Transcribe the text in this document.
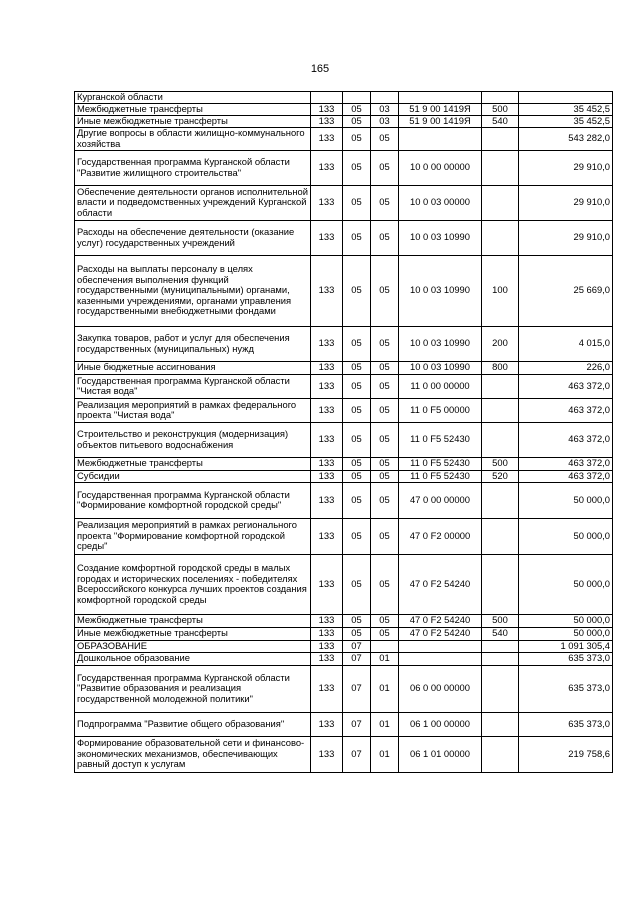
165
Курганской области						
Межбюджетные трансферты	133	05	03	51 9 00 1419Я	500	35 452,5
Иные межбюджетные трансферты	133	05	03	51 9 00 1419Я	540	35 452,5
Другие вопросы в области жилищно-коммунального хозяйства	133	05	05			543 282,0
Государственная программа Курганской области "Развитие жилищного строительства"	133	05	05	10 0 00 00000		29 910,0
Обеспечение деятельности органов исполнительной власти и подведомственных учреждений Курганской области	133	05	05	10 0 03 00000		29 910,0
Расходы на обеспечение деятельности (оказание услуг) государственных учреждений	133	05	05	10 0 03 10990		29 910,0
Расходы на выплаты персоналу в целях обеспечения выполнения функций государственными (муниципальными) органами, казенными учреждениями, органами управления государственными внебюджетными фондами	133	05	05	10 0 03 10990	100	25 669,0
Закупка товаров, работ и услуг для обеспечения государственных (муниципальных) нужд	133	05	05	10 0 03 10990	200	4 015,0
Иные бюджетные ассигнования	133	05	05	10 0 03 10990	800	226,0
Государственная программа Курганской области "Чистая вода"	133	05	05	11 0 00 00000		463 372,0
Реализация мероприятий в рамках федерального проекта "Чистая вода"	133	05	05	11 0 F5 00000		463 372,0
Строительство и реконструкция (модернизация) объектов питьевого водоснабжения	133	05	05	11 0 F5 52430		463 372,0
Межбюджетные трансферты	133	05	05	11 0 F5 52430	500	463 372,0
Субсидии	133	05	05	11 0 F5 52430	520	463 372,0
Государственная программа Курганской области "Формирование комфортной городской среды"	133	05	05	47 0 00 00000		50 000,0
Реализация мероприятий в рамках регионального проекта "Формирование комфортной городской среды"	133	05	05	47 0 F2 00000		50 000,0
Создание комфортной городской среды в малых городах и исторических поселениях - победителях Всероссийского конкурса лучших проектов создания комфортной городской среды	133	05	05	47 0 F2 54240		50 000,0
Межбюджетные трансферты	133	05	05	47 0 F2 54240	500	50 000,0
Иные межбюджетные трансферты	133	05	05	47 0 F2 54240	540	50 000,0
ОБРАЗОВАНИЕ	133	07				1 091 305,4
Дошкольное образование	133	07	01			635 373,0
Государственная программа Курганской области "Развитие образования и реализация государственной молодежной политики"	133	07	01	06 0 00 00000		635 373,0
Подпрограмма "Развитие общего образования"	133	07	01	06 1 00 00000		635 373,0
Формирование образовательной сети и финансово-экономических механизмов, обеспечивающих равный доступ к услугам	133	07	01	06 1 01 00000		219 758,6
